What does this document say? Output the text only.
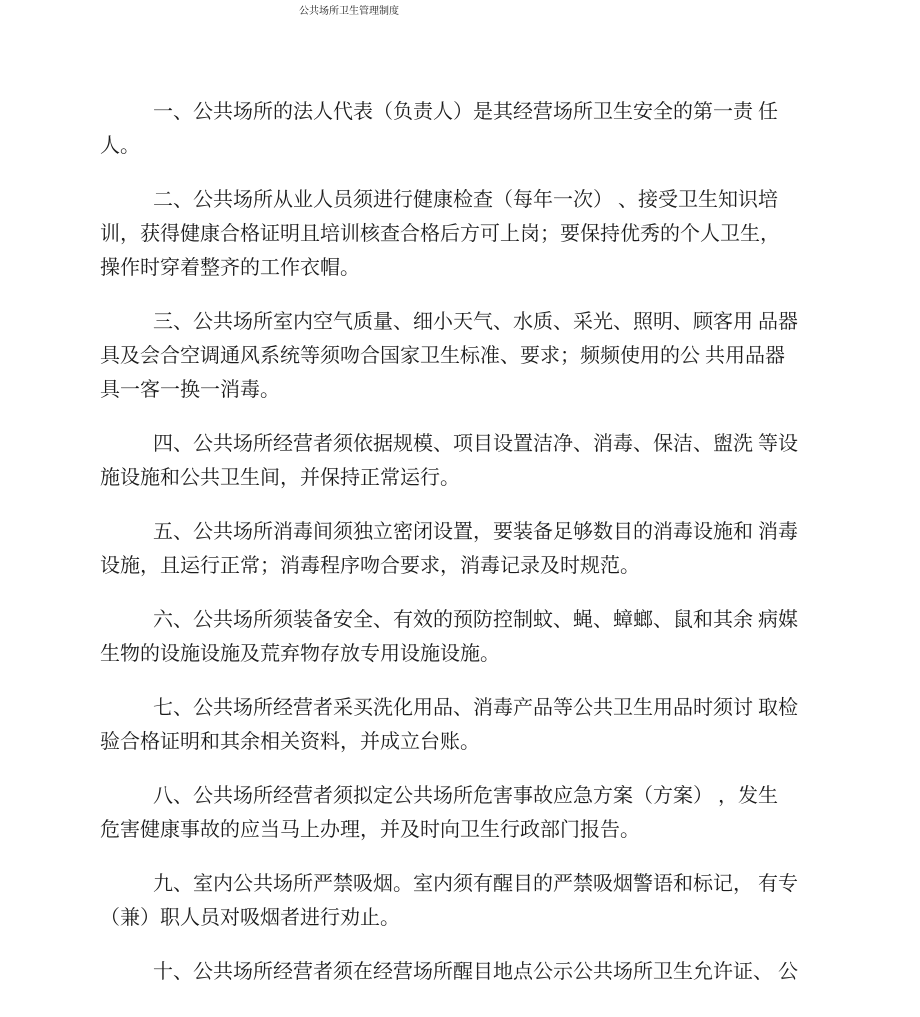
公共场所卫生管理制度
一、公共场所的法人代表（负责人）是其经营场所卫生安全的第一责 任
人。
二、公共场所从业人员须进行健康检查（每年一次） 、接受卫生知识培
训，获得健康合格证明且培训核查合格后方可上岗；要保持优秀的个人卫生，
操作时穿着整齐的工作衣帽。
三、公共场所室内空气质量、细小天气、水质、采光、照明、顾客用 品器
具及会合空调通风系统等须吻合国家卫生标准、要求；频频使用的公 共用品器
具一客一换一消毒。
四、公共场所经营者须依据规模、项目设置洁净、消毒、保洁、盥洗 等设
施设施和公共卫生间，并保持正常运行。
五、公共场所消毒间须独立密闭设置，要装备足够数目的消毒设施和 消毒
设施，且运行正常；消毒程序吻合要求，消毒记录及时规范。
六、公共场所须装备安全、有效的预防控制蚊、蝇、蟑螂、鼠和其余 病媒
生物的设施设施及荒弃物存放专用设施设施。
七、公共场所经营者采买洗化用品、消毒产品等公共卫生用品时须讨 取检
验合格证明和其余相关资料，并成立台账。
八、公共场所经营者须拟定公共场所危害事故应急方案（方案） ，发生
危害健康事故的应当马上办理，并及时向卫生行政部门报告。
九、室内公共场所严禁吸烟。室内须有醒目的严禁吸烟警语和标记， 有专
（兼）职人员对吸烟者进行劝止。
十、公共场所经营者须在经营场所醒目地点公示公共场所卫生允许证、 公
